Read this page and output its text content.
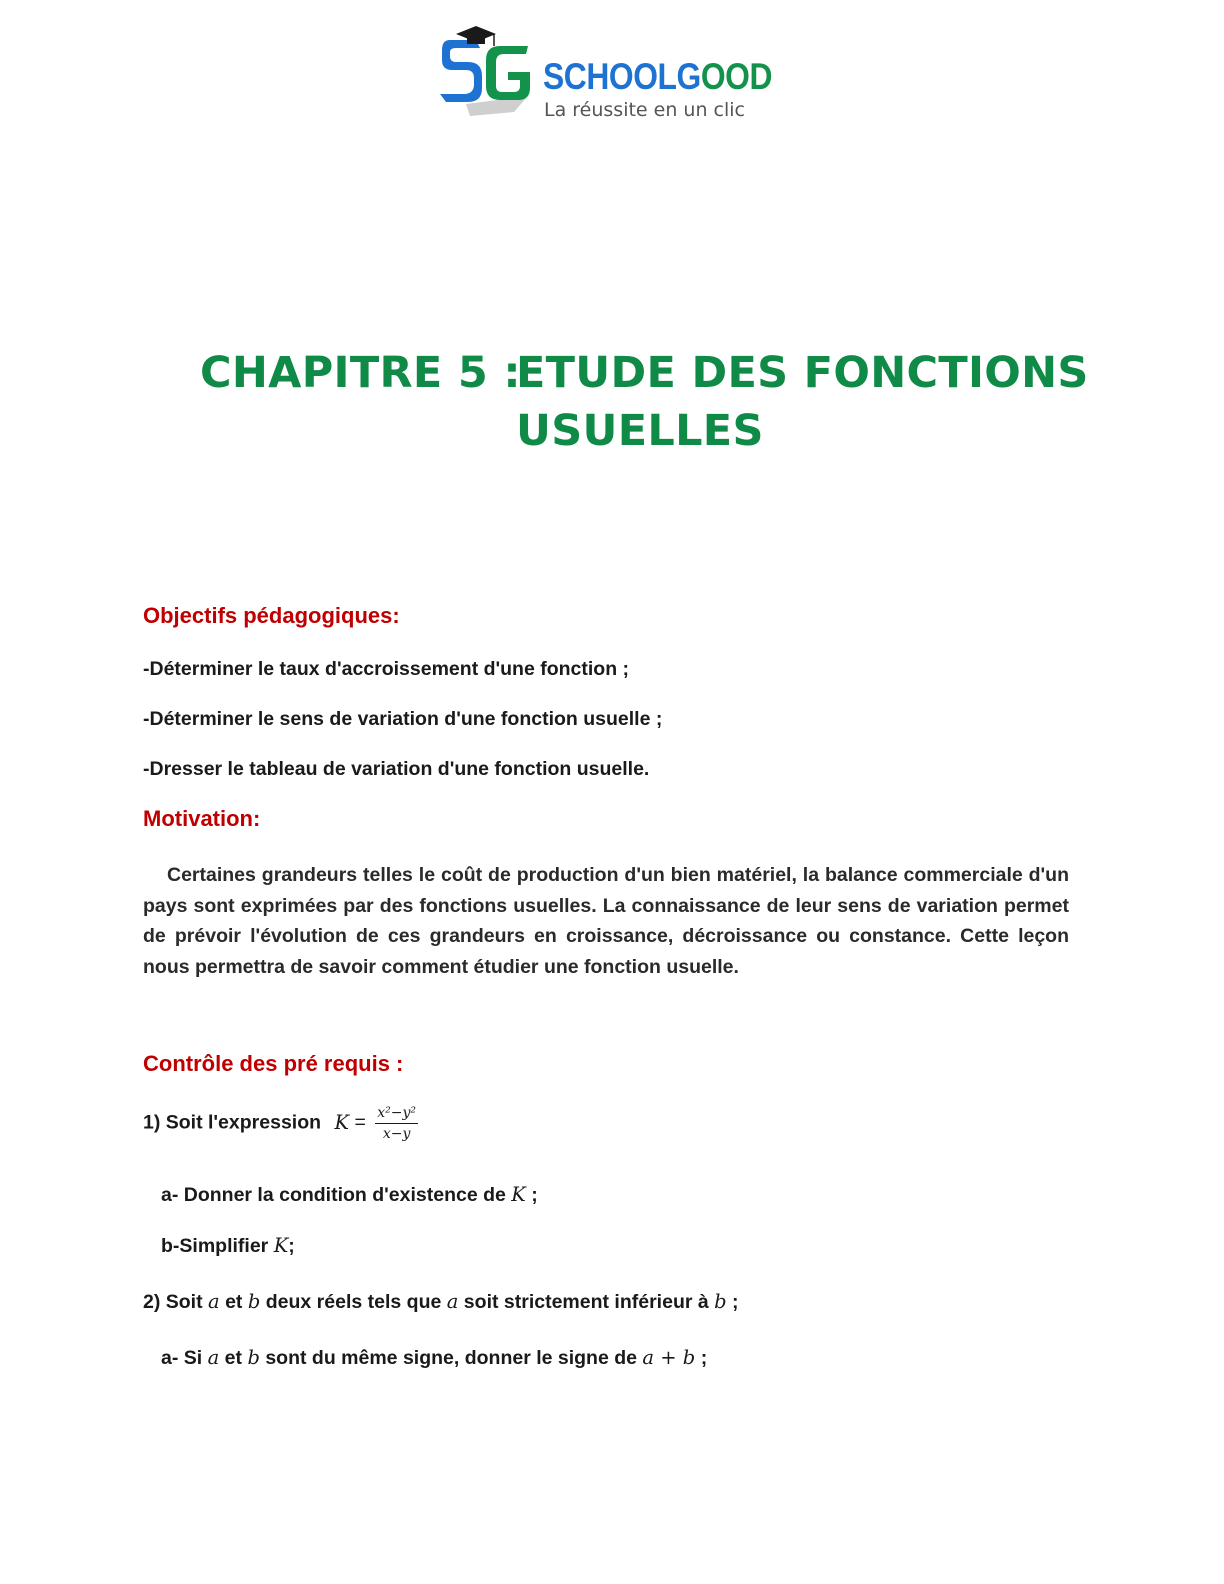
SCHOOLGOOD
La réussite en un clic
CHAPITRE 5 :
ETUDE DES FONCTIONS
USUELLES
Objectifs pédagogiques:
-Déterminer le taux d'accroissement d'une fonction ;
-Déterminer le sens de variation d'une fonction usuelle ;
-Dresser le tableau de variation d'une fonction usuelle.
Motivation:
Certaines grandeurs telles le coût de production d'un bien matériel, la balance commerciale d'un pays sont exprimées par des fonctions usuelles. La connaissance de leur sens de variation permet de prévoir l'évolution de ces grandeurs en croissance, décroissance ou constance. Cette leçon nous permettra de savoir comment étudier une fonction usuelle.
Contrôle des pré requis :
1) Soit l'expression $K = \frac{\text{x²−y²}}{x-y}$
a- Donner la condition d'existence de K ;
b-Simplifier K;
2) Soit a et b deux réels tels que a soit strictement inférieur à b ;
a- Si a et b sont du même signe, donner le signe de a + b ;
